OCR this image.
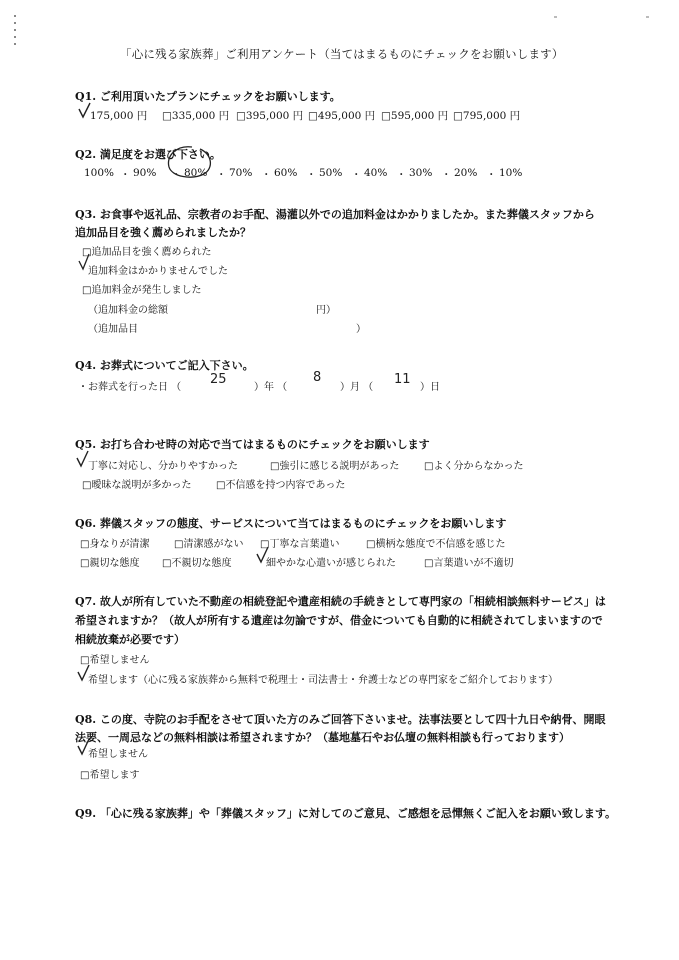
「心に残る家族葬」ご利用アンケート（当てはまるものにチェックをお願いします）
Q1. ご利用頂いたプランにチェックをお願いします。
175,000 円 □335,000 円 □395,000 円 □495,000 円 □595,000 円 □795,000 円
Q2. 満足度をお選び下さい。
100% ・ 90%	・ 80% ・ 70% ・ 60% ・ 50% ・ 40% ・ 30% ・ 20% ・ 10%
Q3. お食事や返礼品、宗教者のお手配、湯灌以外での追加料金はかかりましたか。また葬儀スタッフから
追加品目を強く薦められましたか？
□追加品目を強く薦められた
追加料金はかかりませんでした
□追加料金が発生しました
（追加料金の総額	円）
（追加品目	）
Q4. お葬式についてご記入下さい。
・お葬式を行った日 （
25
）年 （
8
）月 （
11
）日
Q5. お打ち合わせ時の対応で当てはまるものにチェックをお願いします
丁寧に対応し、分かりやすかった	□強引に感じる説明があった □よく分からなかった
□曖昧な説明が多かった □不信感を持つ内容であった
Q6. 葬儀スタッフの態度、サービスについて当てはまるものにチェックをお願いします
□身なりが清潔 □清潔感がない □丁寧な言葉遣い	□横柄な態度で不信感を感じた
□親切な態度 □不親切な態度	細やかな心遣いが感じられた	□言葉遣いが不適切
Q7. 故人が所有していた不動産の相続登記や遺産相続の手続きとして専門家の「相続相談無料サービス」は
希望されますか？（故人が所有する遺産は勿論ですが、借金についても自動的に相続されてしまいますので
相続放棄が必要です）
□希望しません
希望します（心に残る家族葬から無料で税理士・司法書士・弁護士などの専門家をご紹介しております）
Q8. この度、寺院のお手配をさせて頂いた方のみご回答下さいませ。法事法要として四十九日や納骨、開眼
法要、一周忌などの無料相談は希望されますか？（墓地墓石やお仏壇の無料相談も行っております）
希望しません
□希望します
Q9. 「心に残る家族葬」や「葬儀スタッフ」に対してのご意見、ご感想を忌憚無くご記入をお願い致します。
